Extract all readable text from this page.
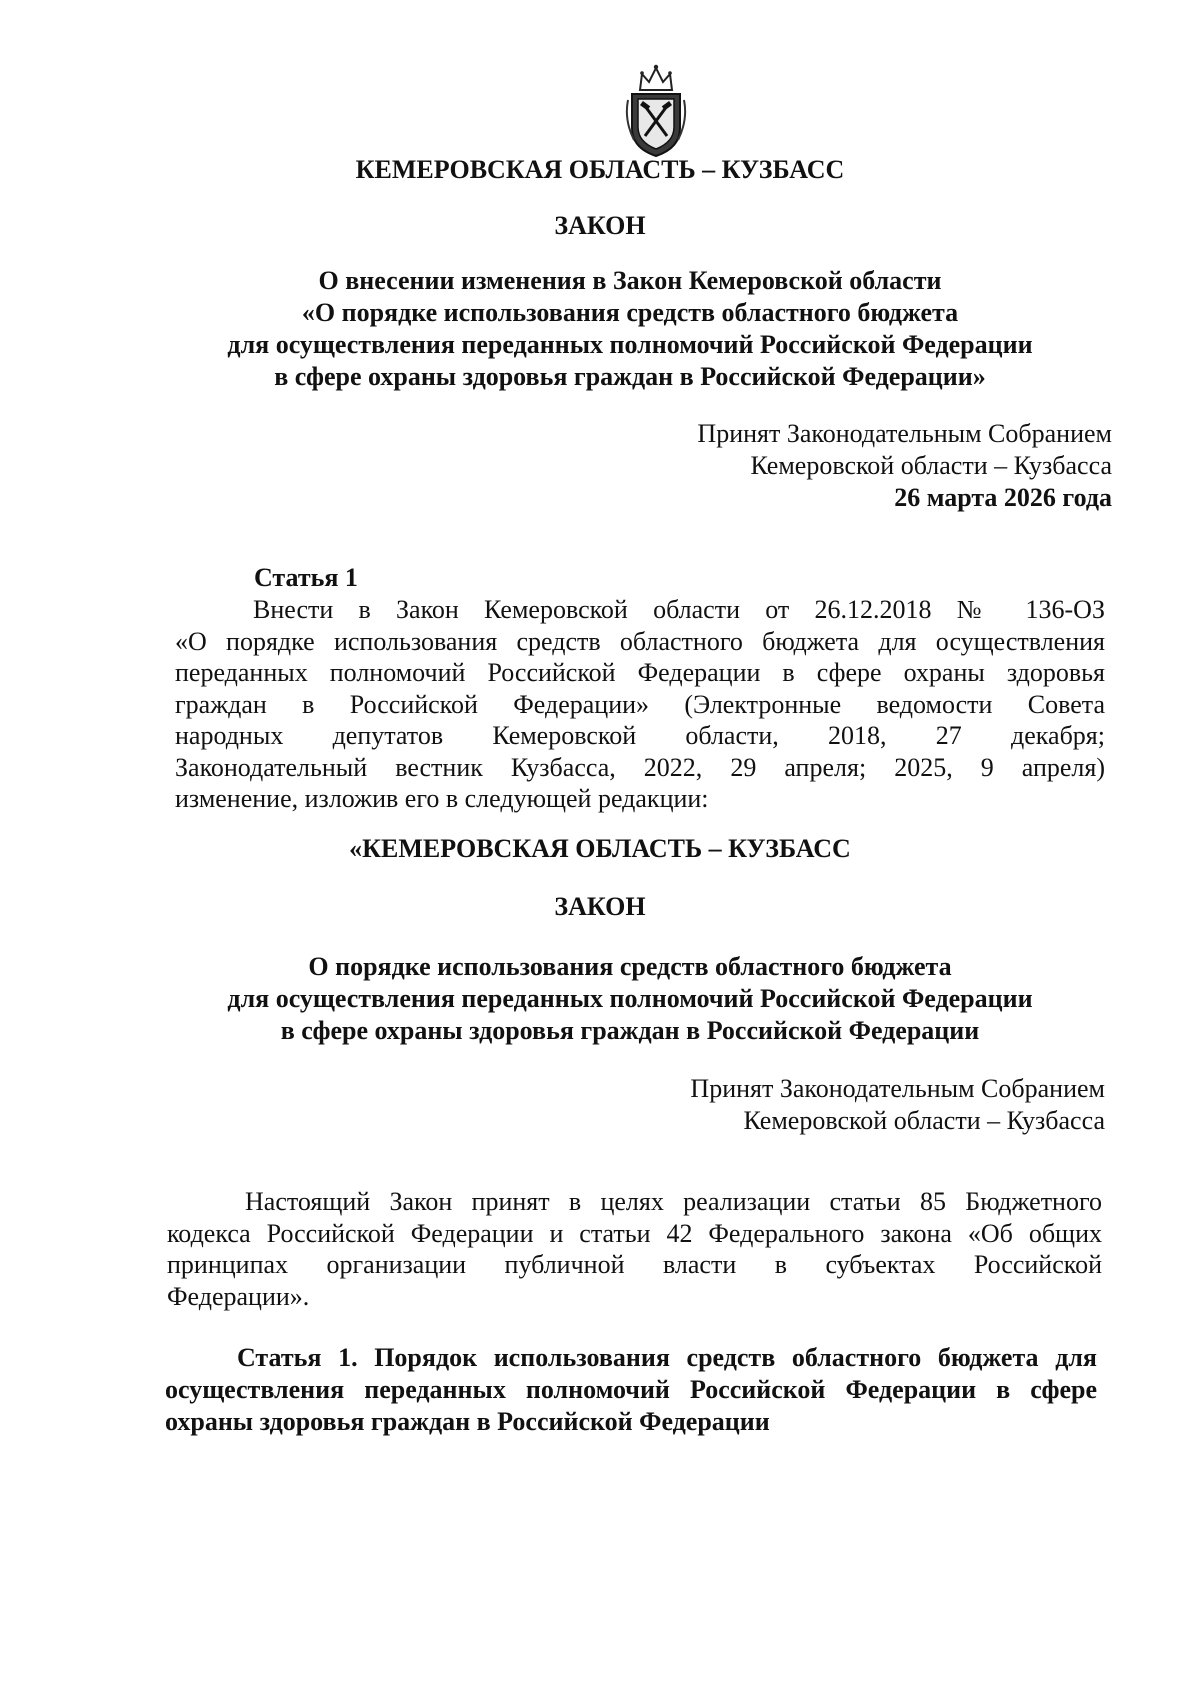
КЕМЕРОВСКАЯ ОБЛАСТЬ – КУЗБАСС

ЗАКОН

О внесении изменения в Закон Кемеровской области
«О порядке использования средств областного бюджета
для осуществления переданных полномочий Российской Федерации
в сфере охраны здоровья граждан в Российской Федерации»
Принят Законодательным Собранием
Кемеровской области – Кузбасса
26 марта 2026 года

Статья 1

Внести в Закон Кемеровской области от 26.12.2018 № 136-ОЗ
«О порядке использования средств областного бюджета для осуществления
переданных полномочий Российской Федерации в сфере охраны здоровья
граждан в Российской Федерации» (Электронные ведомости Совета
народных депутатов Кемеровской области, 2018, 27 декабря;
Законодательный вестник Кузбасса, 2022, 29 апреля; 2025, 9 апреля)
изменение, изложив его в следующей редакции:

«КЕМЕРОВСКАЯ ОБЛАСТЬ – КУЗБАСС

ЗАКОН

О порядке использования средств областного бюджета
для осуществления переданных полномочий Российской Федерации
в сфере охраны здоровья граждан в Российской Федерации
Принят Законодательным Собранием
Кемеровской области – Кузбасса
Настоящий Закон принят в целях реализации статьи 85 Бюджетного
кодекса Российской Федерации и статьи 42 Федерального закона «Об общих
принципах организации публичной власти в субъектах Российской
Федерации».
Статья 1. Порядок использования средств областного бюджета для
осуществления переданных полномочий Российской Федерации в сфере
охраны здоровья граждан в Российской Федерации
